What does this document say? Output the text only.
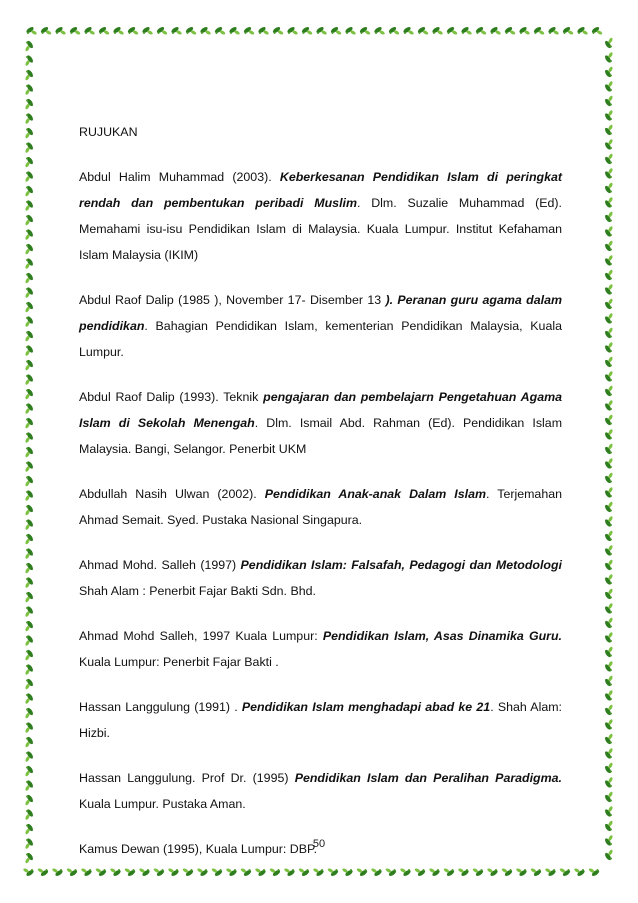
RUJUKAN

Abdul Halim Muhammad (2003). Keberkesanan Pendidikan Islam di peringkat rendah dan pembentukan peribadi Muslim. Dlm. Suzalie Muhammad (Ed). Memahami isu-isu Pendidikan Islam di Malaysia. Kuala Lumpur. Institut Kefahaman Islam Malaysia (IKIM)

Abdul Raof Dalip (1985 ), November 17- Disember 13 ). Peranan guru agama dalam pendidikan. Bahagian Pendidikan Islam, kementerian Pendidikan Malaysia, Kuala Lumpur.

Abdul Raof Dalip (1993). Teknik pengajaran dan pembelajarn Pengetahuan Agama Islam di Sekolah Menengah. Dlm. Ismail Abd. Rahman (Ed). Pendidikan Islam Malaysia. Bangi, Selangor. Penerbit UKM

Abdullah Nasih Ulwan (2002). Pendidikan Anak-anak Dalam Islam. Terjemahan Ahmad Semait. Syed. Pustaka Nasional Singapura.

Ahmad Mohd. Salleh (1997) Pendidikan Islam: Falsafah, Pedagogi dan Metodologi Shah Alam : Penerbit Fajar Bakti Sdn. Bhd.

Ahmad Mohd Salleh, 1997 Kuala Lumpur: Pendidikan Islam, Asas Dinamika Guru. Kuala Lumpur: Penerbit Fajar Bakti .

Hassan Langgulung (1991) . Pendidikan Islam menghadapi abad ke 21. Shah Alam: Hizbi.

Hassan Langgulung. Prof Dr. (1995) Pendidikan Islam dan Peralihan Paradigma. Kuala Lumpur. Pustaka Aman.

Kamus Dewan (1995), Kuala Lumpur: DBP.

50
